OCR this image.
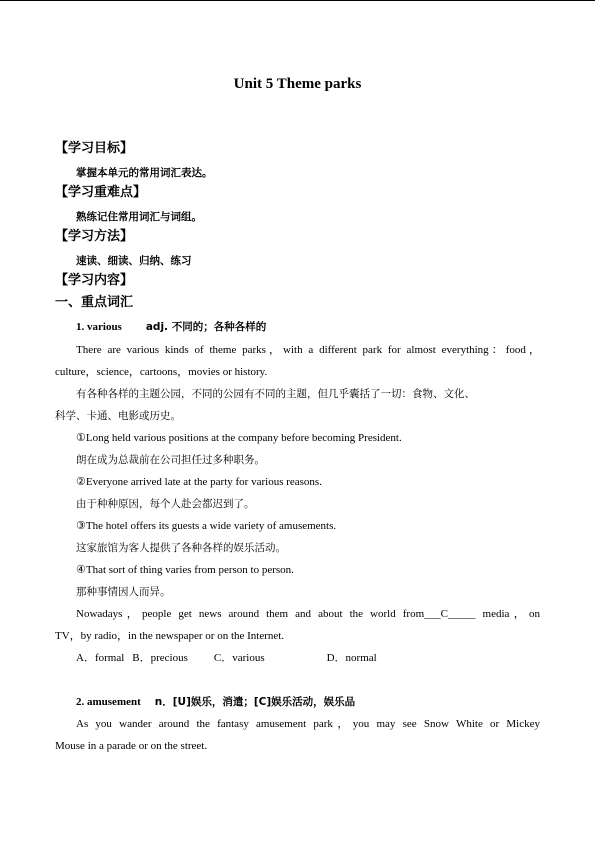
Unit 5 Theme parks
【学习目标】
掌握本单元的常用词汇表达。
【学习重难点】
熟练记住常用词汇与词组。
【学习方法】
速读、细读、归纳、练习
【学习内容】
一、重点词汇
1. various adj. 不同的；各种各样的
There are various kinds of theme parks，with a different park for almost everything：food，
culture，science，cartoons，movies or history.
有各种各样的主题公园，不同的公园有不同的主题，但几乎囊括了一切：食物、文化、
科学、卡通、电影或历史。
①Long held various positions at the company before becoming President.
朗在成为总裁前在公司担任过多种职务。
②Everyone arrived late at the party for various reasons.
由于种种原因，每个人赴会都迟到了。
③The hotel offers its guests a wide variety of amusements.
这家旅馆为客人提供了各种各样的娱乐活动。
④That sort of thing varies from person to person.
那种事情因人而异。
Nowadays，people get news around them and about the world from___C_____ media，on
TV，by radio，in the newspaper or on the Internet.
A．formal B．precious C．various	D．normal
2. amusement n．[U]娱乐，消遣；[C]娱乐活动，娱乐品
As you wander around the fantasy amusement park，you may see Snow White or Mickey
Mouse in a parade or on the street.
